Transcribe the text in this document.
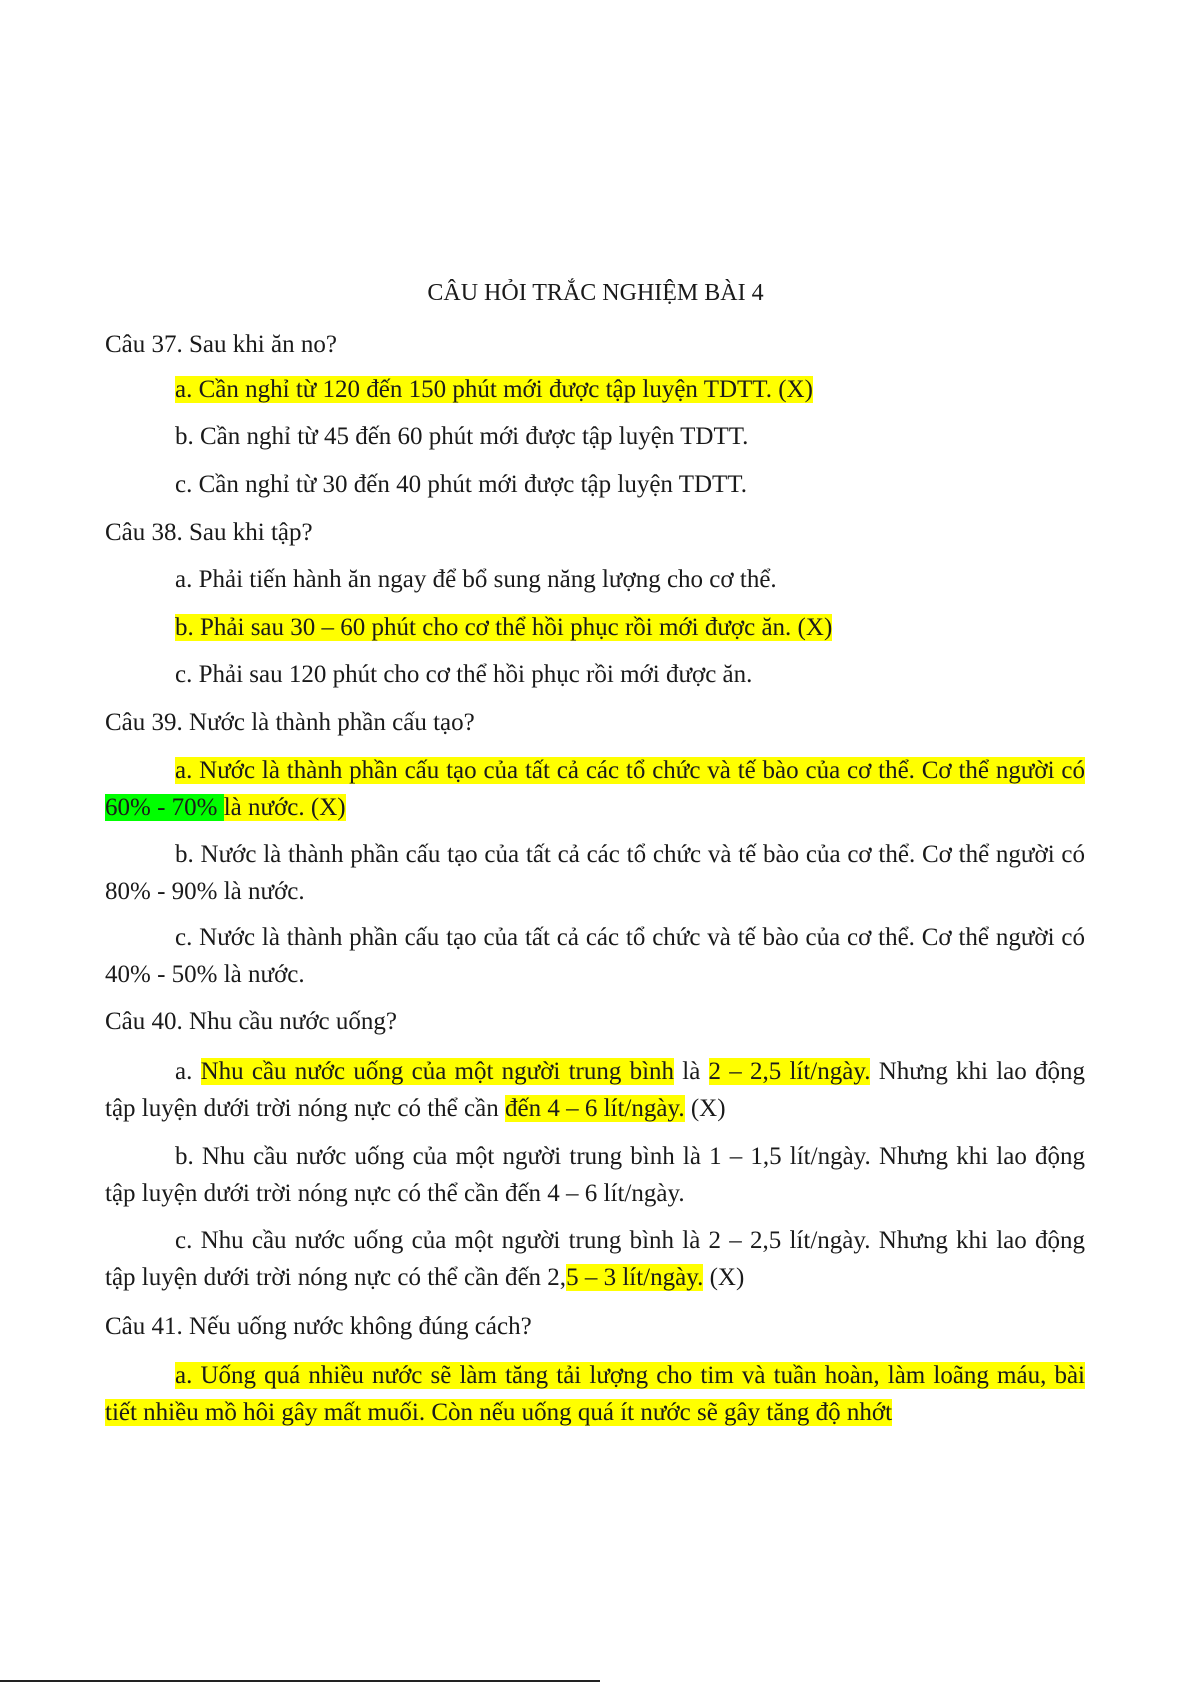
CÂU HỎI TRẮC NGHIỆM BÀI 4
Câu 37. Sau khi ăn no?
a. Cần nghỉ từ 120 đến 150 phút mới được tập luyện TDTT. (X)
b. Cần nghỉ từ 45 đến 60 phút mới được tập luyện TDTT.
c. Cần nghỉ từ 30 đến 40 phút mới được tập luyện TDTT.
Câu 38. Sau khi tập?
a. Phải tiến hành ăn ngay để bổ sung năng lượng cho cơ thể.
b. Phải sau 30 – 60 phút cho cơ thể hồi phục rồi mới được ăn. (X)
c. Phải sau 120 phút cho cơ thể hồi phục rồi mới được ăn.
Câu 39. Nước là thành phần cấu tạo?
a. Nước là thành phần cấu tạo của tất cả các tổ chức và tế bào của cơ thể. Cơ thể người có 60% - 70% là nước. (X)
b. Nước là thành phần cấu tạo của tất cả các tổ chức và tế bào của cơ thể. Cơ thể người có 80% - 90% là nước.
c. Nước là thành phần cấu tạo của tất cả các tổ chức và tế bào của cơ thể. Cơ thể người có 40% - 50% là nước.
Câu 40. Nhu cầu nước uống?
a. Nhu cầu nước uống của một người trung bình là 2 – 2,5 lít/ngày. Nhưng khi lao động tập luyện dưới trời nóng nực có thể cần đến 4 – 6 lít/ngày. (X)
b. Nhu cầu nước uống của một người trung bình là 1 – 1,5 lít/ngày. Nhưng khi lao động tập luyện dưới trời nóng nực có thể cần đến 4 – 6 lít/ngày.
c. Nhu cầu nước uống của một người trung bình là 2 – 2,5 lít/ngày. Nhưng khi lao động tập luyện dưới trời nóng nực có thể cần đến 2,5 – 3 lít/ngày. (X)
Câu 41. Nếu uống nước không đúng cách?
a. Uống quá nhiều nước sẽ làm tăng tải lượng cho tim và tuần hoàn, làm loãng máu, bài tiết nhiều mồ hôi gây mất muối. Còn nếu uống quá ít nước sẽ gây tăng độ nhớt
